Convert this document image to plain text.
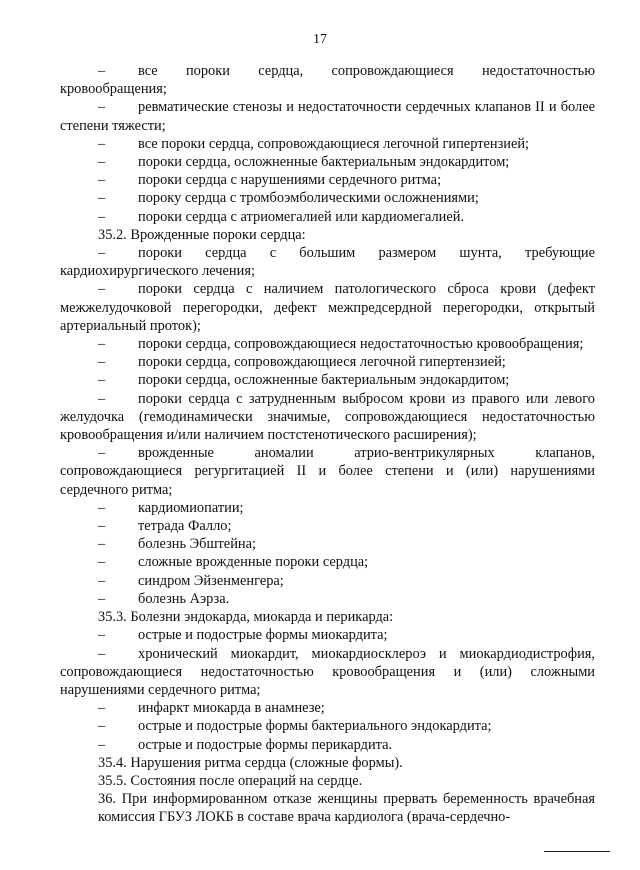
17

– все пороки сердца, сопровождающиеся недостаточностью кровообращения;

– ревматические стенозы и недостаточности сердечных клапанов II и более степени тяжести;

– все пороки сердца, сопровождающиеся легочной гипертензией;

– пороки сердца, осложненные бактериальным эндокардитом;

– пороки сердца с нарушениями сердечного ритма;

– пороку сердца с тромбоэмболическими осложнениями;

– пороки сердца с атриомегалией или кардиомегалией.

35.2. Врожденные пороки сердца:

– пороки сердца с большим размером шунта, требующие кардиохирургического лечения;

– пороки сердца с наличием патологического сброса крови (дефект межжелудочковой перегородки, дефект межпредсердной перегородки, открытый артериальный проток);

– пороки сердца, сопровождающиеся недостаточностью кровообращения;

– пороки сердца, сопровождающиеся легочной гипертензией;

– пороки сердца, осложненные бактериальным эндокардитом;

– пороки сердца с затрудненным выбросом крови из правого или левого желудочка (гемодинамически значимые, сопровождающиеся недостаточностью кровообращения и/или наличием постстенотического расширения);

– врожденные аномалии атрио-вентрикулярных клапанов, сопровождающиеся регургитацией II и более степени и (или) нарушениями сердечного ритма;

– кардиомиопатии;

– тетрада Фалло;

– болезнь Эбштейна;

– сложные врожденные пороки сердца;

– синдром Эйзенменгера;

– болезнь Аэрза.

35.3. Болезни эндокарда, миокарда и перикарда:

– острые и подострые формы миокардита;

– хронический миокардит, миокардиосклероэ и миокардиодистрофия, сопровождающиеся недостаточностью кровообращения и (или) сложными нарушениями сердечного ритма;

– инфаркт миокарда в анамнезе;

– острые и подострые формы бактериального эндокардита;

– острые и подострые формы перикардита.

35.4. Нарушения ритма сердца (сложные формы).

35.5. Состояния после операций на сердце.

36. При информированном отказе женщины прервать беременность врачебная комиссия ГБУЗ ЛОКБ в составе врача кардиолога (врача-сердечно-
